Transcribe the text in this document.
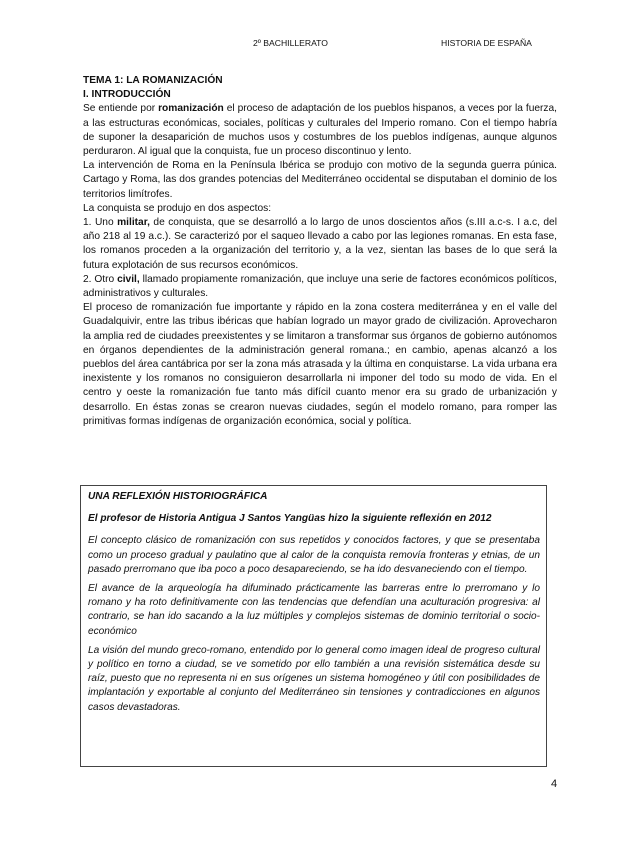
2º BACHILLERATO	HISTORIA DE ESPAÑA

TEMA 1: LA ROMANIZACIÓN

I. INTRODUCCIÓN

Se entiende por romanización el proceso de adaptación de los pueblos hispanos, a veces por la fuerza, a las estructuras económicas, sociales, políticas y culturales del Imperio romano. Con el tiempo habría de suponer la desaparición de muchos usos y costumbres de los pueblos indígenas, aunque algunos perduraron. Al igual que la conquista, fue un proceso discontinuo y lento.

La intervención de Roma en la Península Ibérica se produjo con motivo de la segunda guerra púnica. Cartago y Roma, las dos grandes potencias del Mediterráneo occidental se disputaban el dominio de los territorios limítrofes.

La conquista se produjo en dos aspectos:

1. Uno militar, de conquista, que se desarrolló a lo largo de unos doscientos años (s.III a.c-s. I a.c, del año 218 al 19 a.c.). Se caracterizó por el saqueo llevado a cabo por las legiones romanas. En esta fase, los romanos proceden a la organización del territorio y, a la vez, sientan las bases de lo que será la futura explotación de sus recursos económicos.

2. Otro civil, llamado propiamente romanización, que incluye una serie de factores económicos políticos, administrativos y culturales.

El proceso de romanización fue importante y rápido en la zona costera mediterránea y en el valle del Guadalquivir, entre las tribus ibéricas que habían logrado un mayor grado de civilización. Aprovecharon la amplia red de ciudades preexistentes y se limitaron a transformar sus órganos de gobierno autónomos en órganos dependientes de la administración general romana.; en cambio, apenas alcanzó a los pueblos del área cantábrica por ser la zona más atrasada y la última en conquistarse. La vida urbana era inexistente y los romanos no consiguieron desarrollarla ni imponer del todo su modo de vida. En el centro y oeste la romanización fue tanto más difícil cuanto menor era su grado de urbanización y desarrollo. En éstas zonas se crearon nuevas ciudades, según el modelo romano, para romper las primitivas formas indígenas de organización económica, social y política.

UNA REFLEXIÓN HISTORIOGRÁFICA

El profesor de Historia Antigua J Santos Yangüas hizo la siguiente reflexión en 2012

El concepto clásico de romanización con sus repetidos y conocidos factores, y que se presentaba como un proceso gradual y paulatino que al calor de la conquista removía fronteras y etnias, de un pasado prerromano que iba poco a poco desapareciendo, se ha ido desvaneciendo con el tiempo.

El avance de la arqueología ha difuminado prácticamente las barreras entre lo prerromano y lo romano y ha roto definitivamente con las tendencias que defendían una aculturación progresiva: al contrario, se han ido sacando a la luz múltiples y complejos sistemas de dominio territorial o socio-económico

La visión del mundo greco-romano, entendido por lo general como imagen ideal de progreso cultural y político en torno a ciudad, se ve sometido por ello también a una revisión sistemática desde su raíz, puesto que no representa ni en sus orígenes un sistema homogéneo y útil con posibilidades de implantación y exportable al conjunto del Mediterráneo sin tensiones y contradicciones en algunos casos devastadoras.

4
